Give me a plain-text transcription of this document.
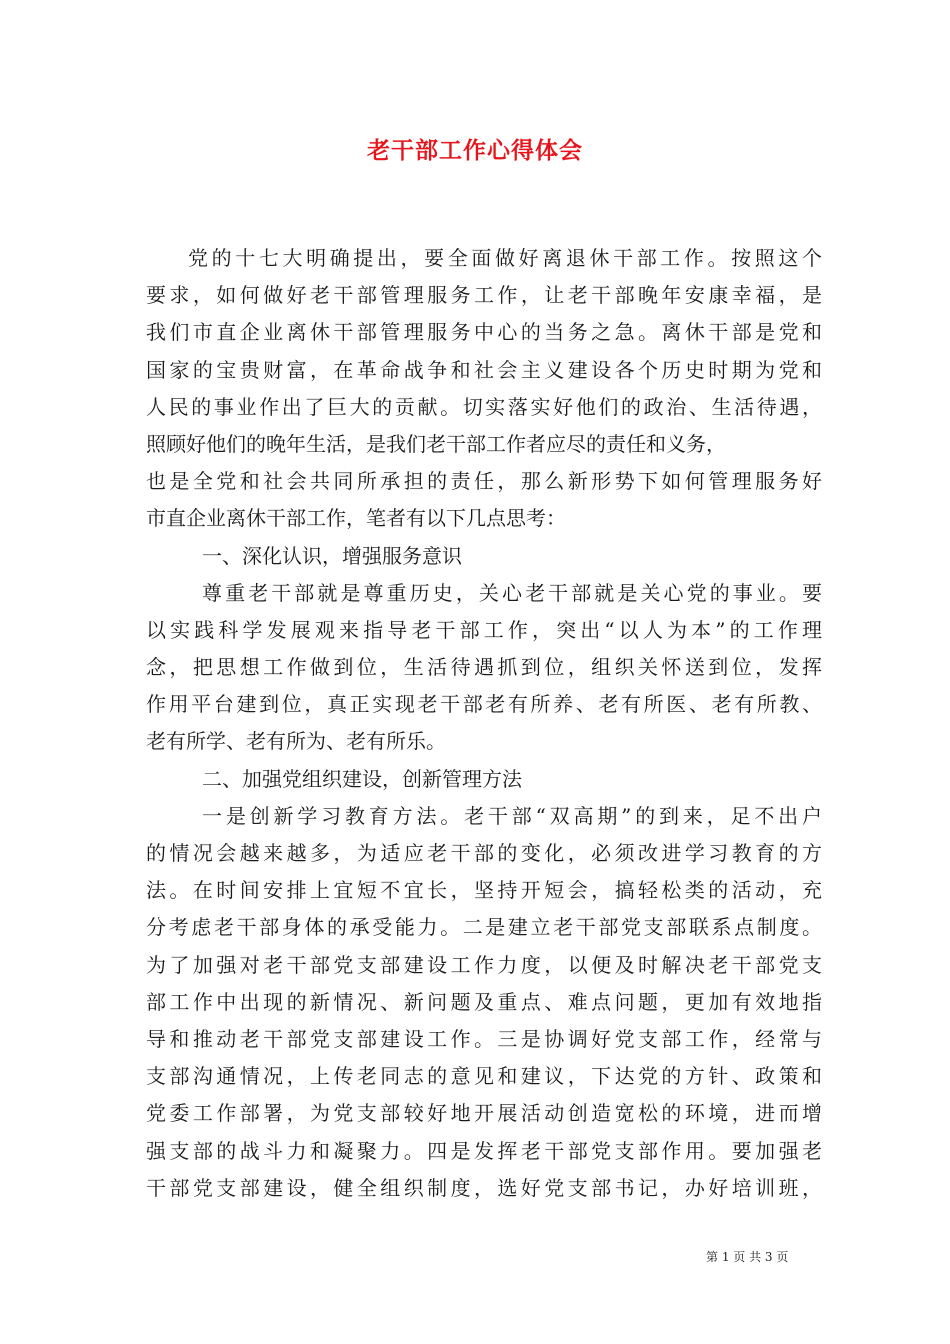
老干部工作心得体会
党的十七大明确提出，要全面做好离退休干部工作。按照这个
要求，如何做好老干部管理服务工作，让老干部晚年安康幸福，是
我们市直企业离休干部管理服务中心的当务之急。离休干部是党和
国家的宝贵财富，在革命战争和社会主义建设各个历史时期为党和
人民的事业作出了巨大的贡献。切实落实好他们的政治、生活待遇，
照顾好他们的晚年生活，是我们老干部工作者应尽的责任和义务，
也是全党和社会共同所承担的责任，那么新形势下如何管理服务好
市直企业离休干部工作，笔者有以下几点思考：
一、深化认识，增强服务意识
尊重老干部就是尊重历史，关心老干部就是关心党的事业。要
以实践科学发展观来指导老干部工作，突出“以人为本”的工作理
念，把思想工作做到位，生活待遇抓到位，组织关怀送到位，发挥
作用平台建到位，真正实现老干部老有所养、老有所医、老有所教、
老有所学、老有所为、老有所乐。
二、加强党组织建设，创新管理方法
一是创新学习教育方法。老干部“双高期”的到来，足不出户
的情况会越来越多，为适应老干部的变化，必须改进学习教育的方
法。在时间安排上宜短不宜长，坚持开短会，搞轻松类的活动，充
分考虑老干部身体的承受能力。二是建立老干部党支部联系点制度。
为了加强对老干部党支部建设工作力度，以便及时解决老干部党支
部工作中出现的新情况、新问题及重点、难点问题，更加有效地指
导和推动老干部党支部建设工作。三是协调好党支部工作，经常与
支部沟通情况，上传老同志的意见和建议，下达党的方针、政策和
党委工作部署，为党支部较好地开展活动创造宽松的环境，进而增
强支部的战斗力和凝聚力。四是发挥老干部党支部作用。要加强老
干部党支部建设，健全组织制度，选好党支部书记，办好培训班，
第 1 页 共 3 页
